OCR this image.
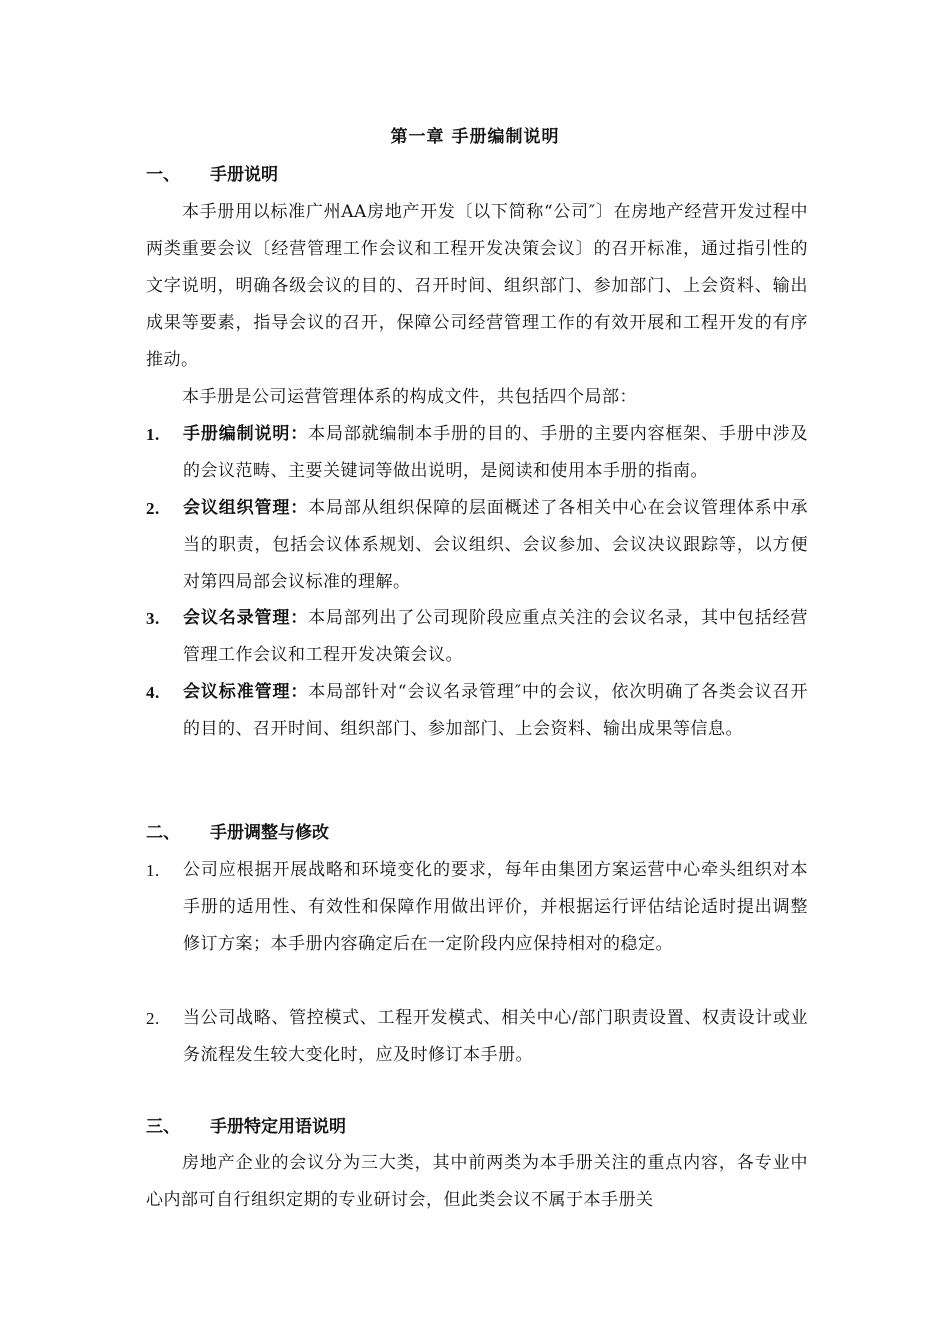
第一章 手册编制说明
一、 手册说明

本手册用以标准广州AA房地产开发〔以下简称“公司″〕在房地产经营开发过程中两类重要会议〔经营管理工作会议和工程开发决策会议〕的召开标准，通过指引性的文字说明，明确各级会议的目的、召开时间、组织部门、参加部门、上会资料、输出成果等要素，指导会议的召开，保障公司经营管理工作的有效开展和工程开发的有序推动。

本手册是公司运营管理体系的构成文件，共包括四个局部：

1. 手册编制说明：本局部就编制本手册的目的、手册的主要内容框架、手册中涉及的会议范畴、主要关键词等做出说明，是阅读和使用本手册的指南。
2. 会议组织管理：本局部从组织保障的层面概述了各相关中心在会议管理体系中承当的职责，包括会议体系规划、会议组织、会议参加、会议决议跟踪等，以方便对第四局部会议标准的理解。
3. 会议名录管理：本局部列出了公司现阶段应重点关注的会议名录，其中包括经营管理工作会议和工程开发决策会议。
4. 会议标准管理：本局部针对“会议名录管理″中的会议，依次明确了各类会议召开的目的、召开时间、组织部门、参加部门、上会资料、输出成果等信息。
二、 手册调整与修改
1. 公司应根据开展战略和环境变化的要求，每年由集团方案运营中心牵头组织对本手册的适用性、有效性和保障作用做出评价，并根据运行评估结论适时提出调整修订方案；本手册内容确定后在一定阶段内应保持相对的稳定。
2. 当公司战略、管控模式、工程开发模式、相关中心/部门职责设置、权责设计或业务流程发生较大变化时，应及时修订本手册。
三、 手册特定用语说明

房地产企业的会议分为三大类，其中前两类为本手册关注的重点内容，各专业中心内部可自行组织定期的专业研讨会，但此类会议不属于本手册关
